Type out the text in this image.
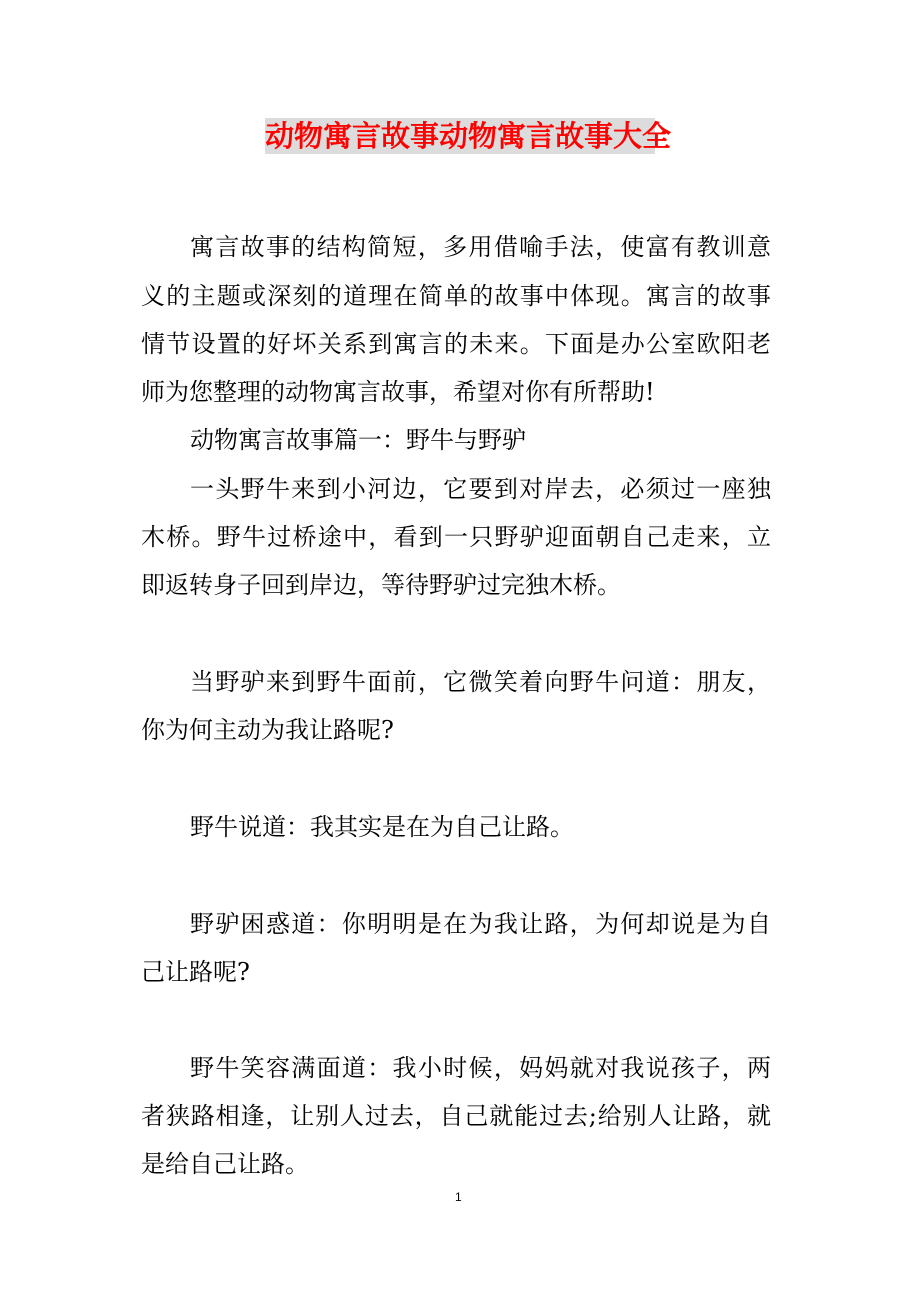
动物寓言故事动物寓言故事大全
寓言故事的结构简短，多用借喻手法，使富有教训意
义的主题或深刻的道理在简单的故事中体现。寓言的故事
情节设置的好坏关系到寓言的未来。下面是办公室欧阳老
师为您整理的动物寓言故事，希望对你有所帮助!
动物寓言故事篇一：野牛与野驴
一头野牛来到小河边，它要到对岸去，必须过一座独
木桥。野牛过桥途中，看到一只野驴迎面朝自己走来，立
即返转身子回到岸边，等待野驴过完独木桥。
当野驴来到野牛面前，它微笑着向野牛问道：朋友，
你为何主动为我让路呢?
野牛说道：我其实是在为自己让路。
野驴困惑道：你明明是在为我让路，为何却说是为自
己让路呢?
野牛笑容满面道：我小时候，妈妈就对我说孩子，两
者狭路相逢，让别人过去，自己就能过去;给别人让路，就
是给自己让路。
1
